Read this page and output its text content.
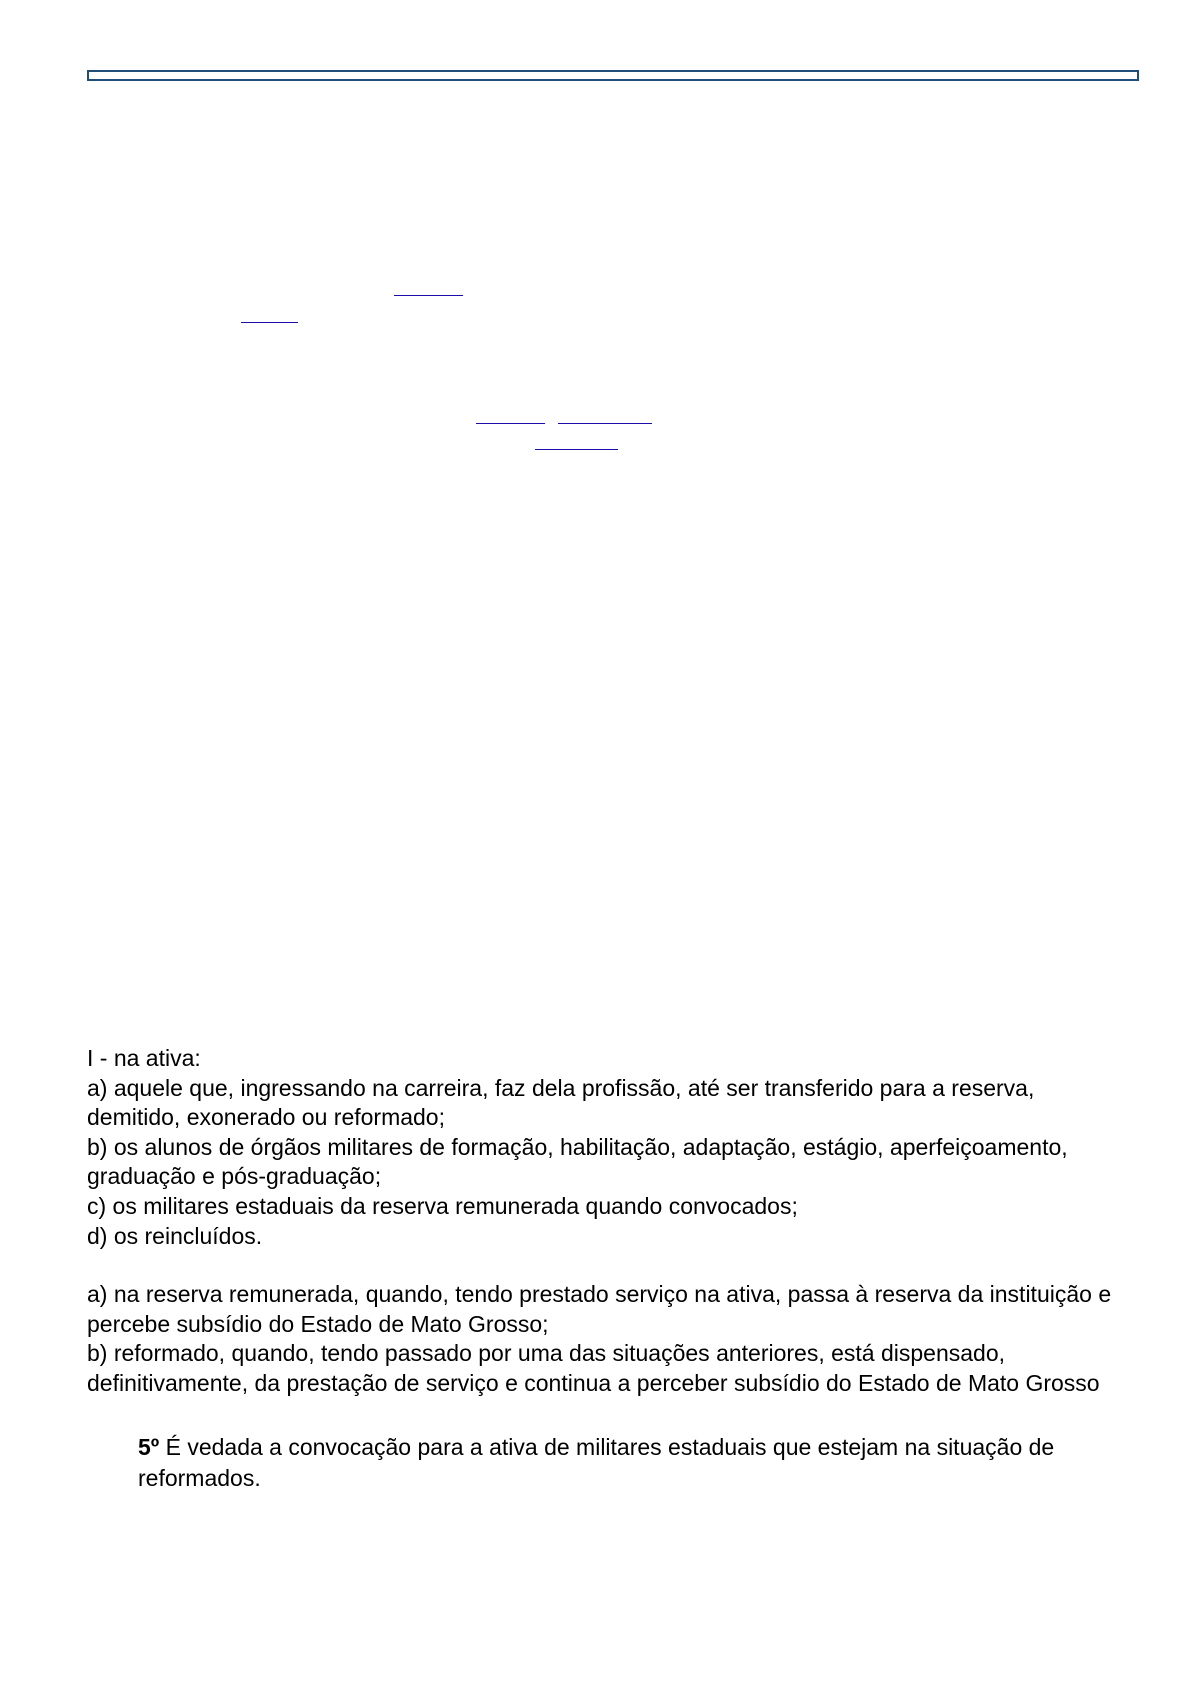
I - na ativa:

a) aquele que, ingressando na carreira, faz dela profissão, até ser transferido para a reserva, demitido, exonerado ou reformado;

b) os alunos de órgãos militares de formação, habilitação, adaptação, estágio, aperfeiçoamento, graduação e pós-graduação;

c) os militares estaduais da reserva remunerada quando convocados;

d) os reincluídos.

a) na reserva remunerada, quando, tendo prestado serviço na ativa, passa à reserva da instituição e percebe subsídio do Estado de Mato Grosso;

b) reformado, quando, tendo passado por uma das situações anteriores, está dispensado, definitivamente, da prestação de serviço e continua a perceber subsídio do Estado de Mato Grosso

5º É vedada a convocação para a ativa de militares estaduais que estejam na situação de reformados.
